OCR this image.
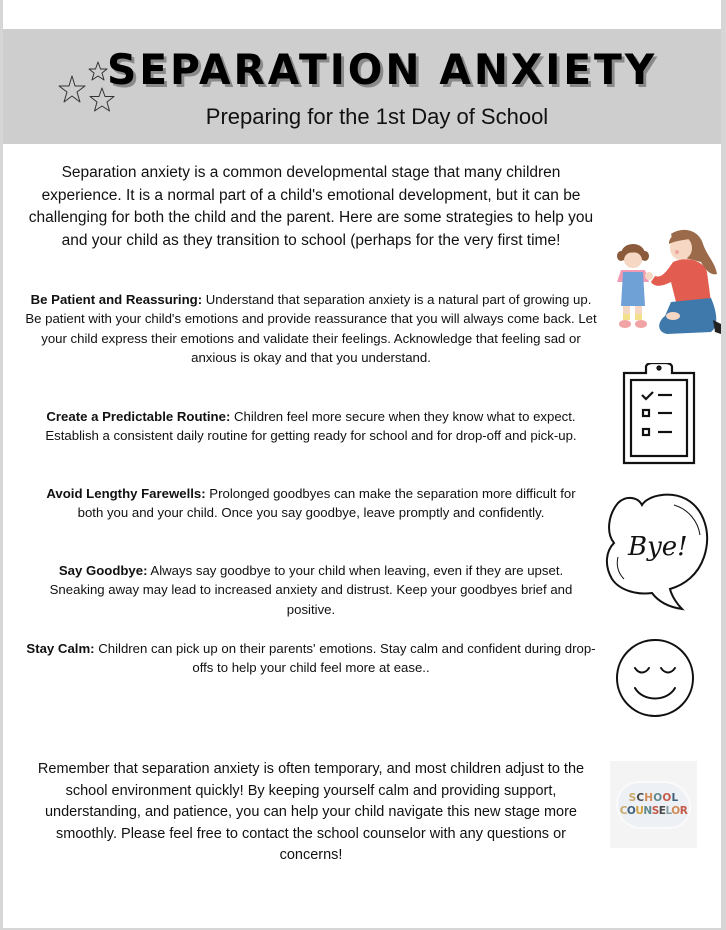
SEPARATION ANXIETY
Preparing for the 1st Day of School

Separation anxiety is a common developmental stage that many children experience. It is a normal part of a child's emotional development, but it can be challenging for both the child and the parent. Here are some strategies to help you and your child as they transition to school (perhaps for the very first time!

Be Patient and Reassuring: Understand that separation anxiety is a natural part of growing up. Be patient with your child's emotions and provide reassurance that you will always come back. Let your child express their emotions and validate their feelings. Acknowledge that feeling sad or anxious is okay and that you understand.

Create a Predictable Routine: Children feel more secure when they know what to expect. Establish a consistent daily routine for getting ready for school and for drop-off and pick-up.

Avoid Lengthy Farewells: Prolonged goodbyes can make the separation more difficult for both you and your child. Once you say goodbye, leave promptly and confidently.

Say Goodbye: Always say goodbye to your child when leaving, even if they are upset. Sneaking away may lead to increased anxiety and distrust. Keep your goodbyes brief and positive.

Stay Calm: Children can pick up on their parents' emotions. Stay calm and confident during drop-offs to help your child feel more at ease..

Remember that separation anxiety is often temporary, and most children adjust to the school environment quickly! By keeping yourself calm and providing support, understanding, and patience, you can help your child navigate this new stage more smoothly. Please feel free to contact the school counselor with any questions or concerns!

Bye!
SCHOOL
COUNSELOR
